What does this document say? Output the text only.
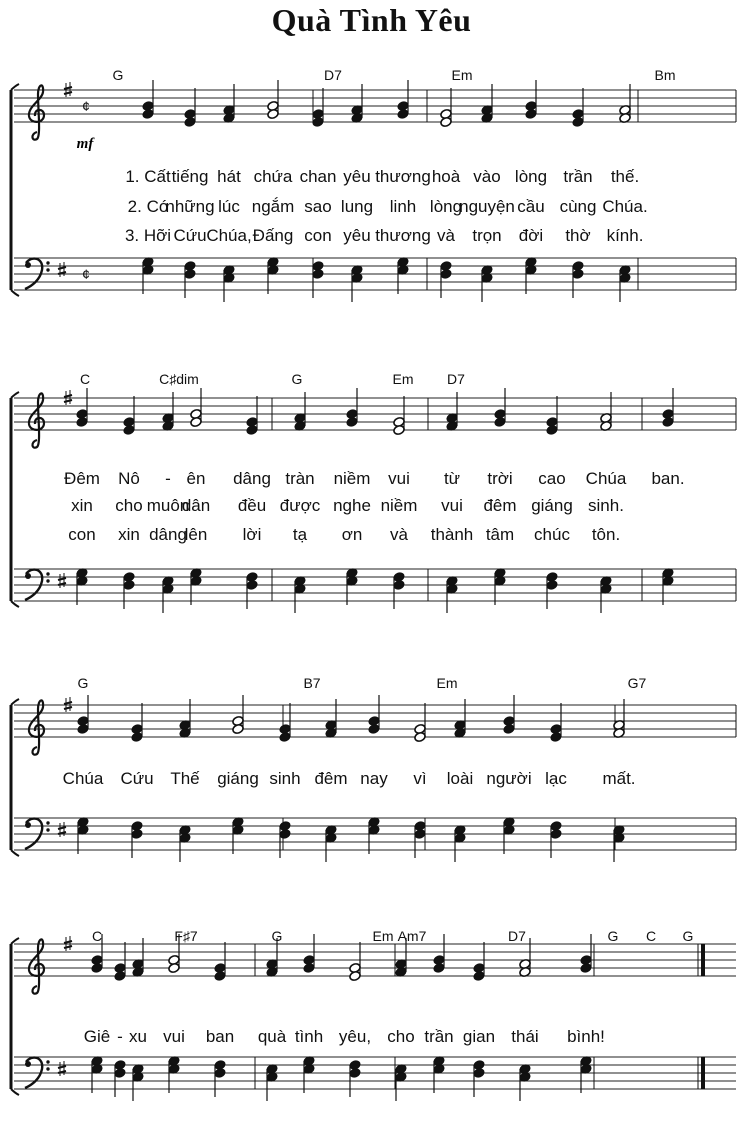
Quà Tình Yêu
¢
¢
G	D7	Em	Bm
1. Cất tiếng hát chứa chan yêu thương hoà vào lòng trần thế.
2. Có
những lúc ngắm sao lung linh lòng
nguyện cầu cùng Chúa.
3. Hỡi Cứu Chúa, Đấng con yêu thương và trọn đời thờ kính.
mf
C	C♯dim	G	Em D7
Đêm Nô - ên dâng tràn niềm vui từ trời cao Chúa ban.
xin cho muôn
dân đều được nghe niềm vui đêm giáng sinh.
con xin dâng
lên lời tạ ơn và thành tâm chúc tôn.
G	B7	Em	G7
Chúa Cứu Thế giáng sinh đêm nay vì loài người lạc mất.
C	F♯7	G	Em Am7	D7	G C G
Giê - xu vui ban quà tình yêu, cho trần gian thái bình!
